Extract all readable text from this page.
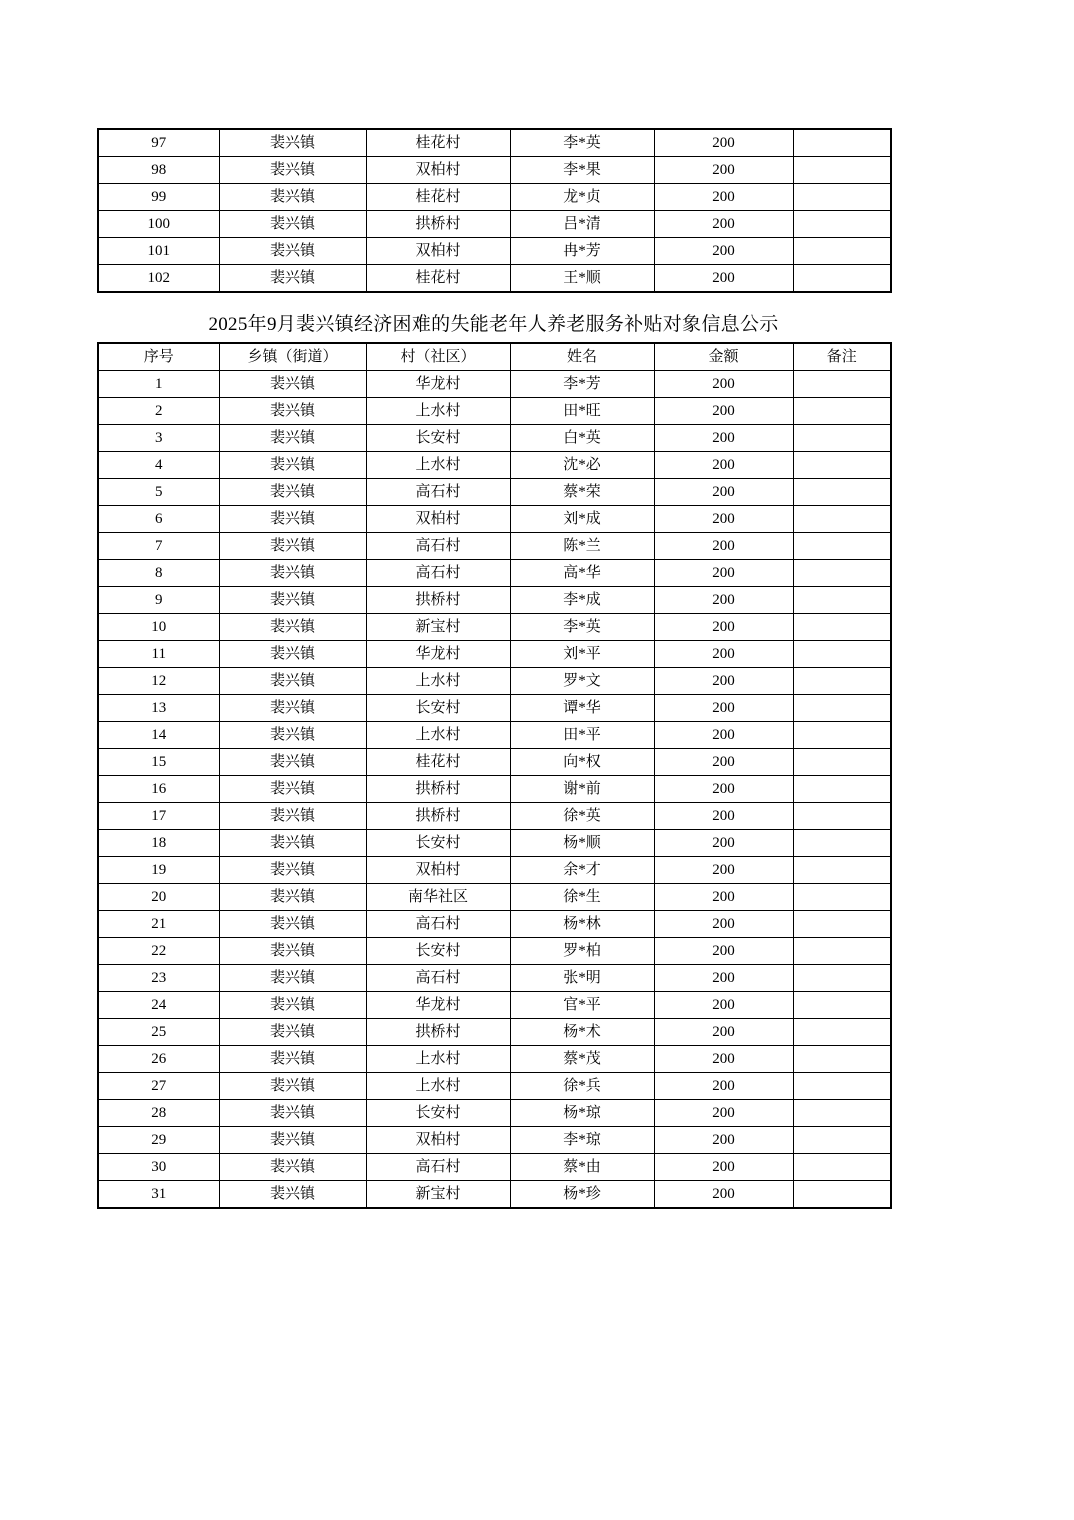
97	裴兴镇	桂花村	李*英	200	
98	裴兴镇	双柏村	李*果	200	
99	裴兴镇	桂花村	龙*贞	200	
100	裴兴镇	拱桥村	吕*清	200	
101	裴兴镇	双柏村	冉*芳	200	
102	裴兴镇	桂花村	王*顺	200	
2025年9月裴兴镇经济困难的失能老年人养老服务补贴对象信息公示
序号	乡镇（街道）	村（社区）	姓名	金额	备注
1	裴兴镇	华龙村	李*芳	200	
2	裴兴镇	上水村	田*旺	200	
3	裴兴镇	长安村	白*英	200	
4	裴兴镇	上水村	沈*必	200	
5	裴兴镇	高石村	蔡*荣	200	
6	裴兴镇	双柏村	刘*成	200	
7	裴兴镇	高石村	陈*兰	200	
8	裴兴镇	高石村	高*华	200	
9	裴兴镇	拱桥村	李*成	200	
10	裴兴镇	新宝村	李*英	200	
11	裴兴镇	华龙村	刘*平	200	
12	裴兴镇	上水村	罗*文	200	
13	裴兴镇	长安村	谭*华	200	
14	裴兴镇	上水村	田*平	200	
15	裴兴镇	桂花村	向*权	200	
16	裴兴镇	拱桥村	谢*前	200	
17	裴兴镇	拱桥村	徐*英	200	
18	裴兴镇	长安村	杨*顺	200	
19	裴兴镇	双柏村	余*才	200	
20	裴兴镇	南华社区	徐*生	200	
21	裴兴镇	高石村	杨*林	200	
22	裴兴镇	长安村	罗*柏	200	
23	裴兴镇	高石村	张*明	200	
24	裴兴镇	华龙村	官*平	200	
25	裴兴镇	拱桥村	杨*术	200	
26	裴兴镇	上水村	蔡*茂	200	
27	裴兴镇	上水村	徐*兵	200	
28	裴兴镇	长安村	杨*琼	200	
29	裴兴镇	双柏村	李*琼	200	
30	裴兴镇	高石村	蔡*由	200	
31	裴兴镇	新宝村	杨*珍	200	
